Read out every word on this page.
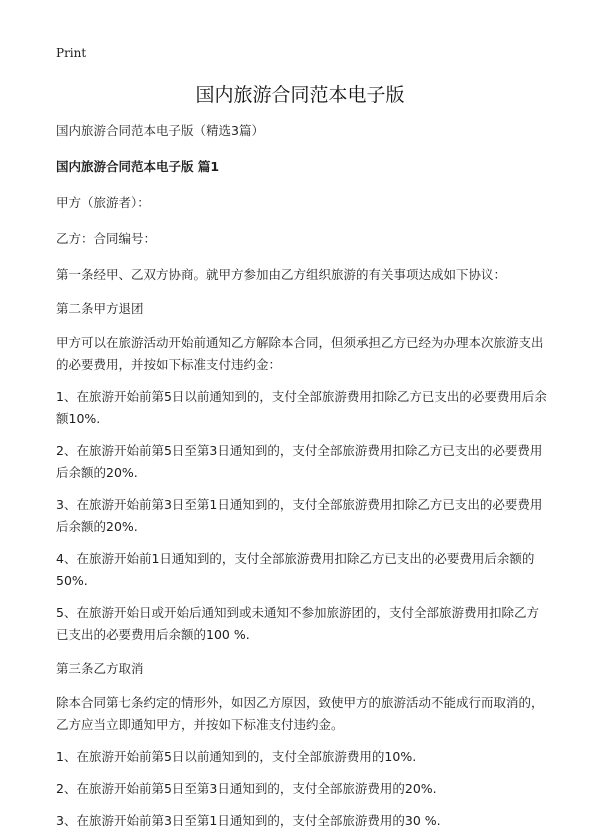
Print
国内旅游合同范本电子版

国内旅游合同范本电子版（精选3篇）

国内旅游合同范本电子版 篇1

甲方（旅游者）：

乙方：合同编号：

第一条经甲、乙双方协商。就甲方参加由乙方组织旅游的有关事项达成如下协议：

第二条甲方退团

甲方可以在旅游活动开始前通知乙方解除本合同，但须承担乙方已经为办理本次旅游支出的必要费用，并按如下标准支付违约金：

1、在旅游开始前第5日以前通知到的，支付全部旅游费用扣除乙方已支出的必要费用后余额10%.

2、在旅游开始前第5日至第3日通知到的，支付全部旅游费用扣除乙方已支出的必要费用后余额的20%.

3、在旅游开始前第3日至第1日通知到的，支付全部旅游费用扣除乙方已支出的必要费用后余额的20%.

4、在旅游开始前1日通知到的，支付全部旅游费用扣除乙方已支出的必要费用后余额的50%.

5、在旅游开始日或开始后通知到或未通知不参加旅游团的，支付全部旅游费用扣除乙方已支出的必要费用后余额的100 %.

第三条乙方取消

除本合同第七条约定的情形外，如因乙方原因，致使甲方的旅游活动不能成行而取消的，乙方应当立即通知甲方，并按如下标准支付违约金。

1、在旅游开始前第5日以前通知到的，支付全部旅游费用的10%.

2、在旅游开始前第5日至第3日通知到的，支付全部旅游费用的20%.

3、在旅游开始前第3日至第1日通知到的，支付全部旅游费用的30 %.
